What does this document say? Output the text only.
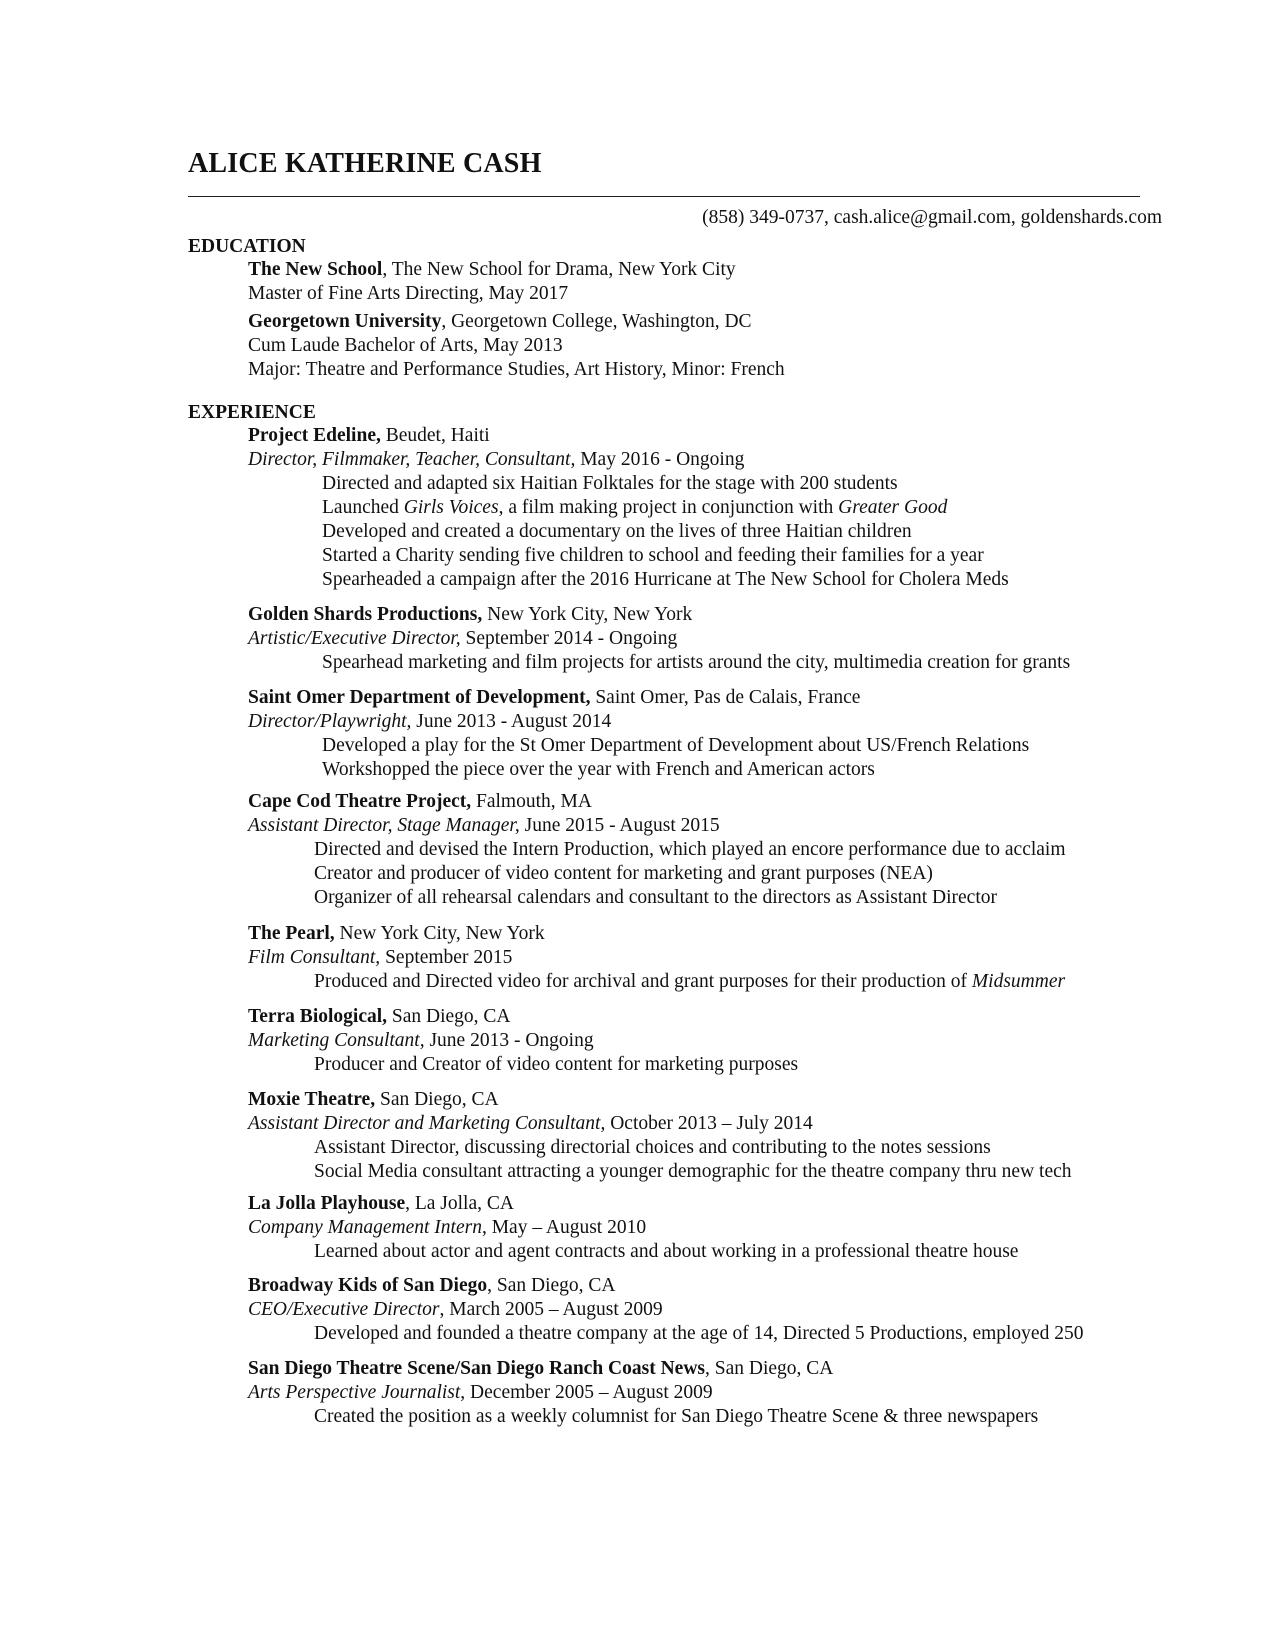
ALICE KATHERINE CASH
(858) 349-0737, cash.alice@gmail.com, goldenshards.com
EDUCATION
The New School, The New School for Drama, New York City
Master of Fine Arts Directing, May 2017
Georgetown University, Georgetown College, Washington, DC
Cum Laude Bachelor of Arts, May 2013
Major: Theatre and Performance Studies, Art History, Minor: French
EXPERIENCE
Project Edeline, Beudet, Haiti
Director, Filmmaker, Teacher, Consultant, May 2016 - Ongoing
Directed and adapted six Haitian Folktales for the stage with 200 students
Launched Girls Voices, a film making project in conjunction with Greater Good
Developed and created a documentary on the lives of three Haitian children
Started a Charity sending five children to school and feeding their families for a year
Spearheaded a campaign after the 2016 Hurricane at The New School for Cholera Meds
Golden Shards Productions, New York City, New York
Artistic/Executive Director, September 2014 - Ongoing
Spearhead marketing and film projects for artists around the city, multimedia creation for grants
Saint Omer Department of Development, Saint Omer, Pas de Calais, France
Director/Playwright, June 2013 - August 2014
Developed a play for the St Omer Department of Development about US/French Relations
Workshopped the piece over the year with French and American actors
Cape Cod Theatre Project, Falmouth, MA
Assistant Director, Stage Manager, June 2015 - August 2015
Directed and devised the Intern Production, which played an encore performance due to acclaim
Creator and producer of video content for marketing and grant purposes (NEA)
Organizer of all rehearsal calendars and consultant to the directors as Assistant Director
The Pearl, New York City, New York
Film Consultant, September 2015
Produced and Directed video for archival and grant purposes for their production of Midsummer
Terra Biological, San Diego, CA
Marketing Consultant, June 2013 - Ongoing
Producer and Creator of video content for marketing purposes
Moxie Theatre, San Diego, CA
Assistant Director and Marketing Consultant, October 2013 – July 2014
Assistant Director, discussing directorial choices and contributing to the notes sessions
Social Media consultant attracting a younger demographic for the theatre company thru new tech
La Jolla Playhouse, La Jolla, CA
Company Management Intern, May – August 2010
Learned about actor and agent contracts and about working in a professional theatre house
Broadway Kids of San Diego, San Diego, CA
CEO/Executive Director, March 2005 – August 2009
Developed and founded a theatre company at the age of 14, Directed 5 Productions, employed 250
San Diego Theatre Scene/San Diego Ranch Coast News, San Diego, CA
Arts Perspective Journalist, December 2005 – August 2009
Created the position as a weekly columnist for San Diego Theatre Scene & three newspapers
